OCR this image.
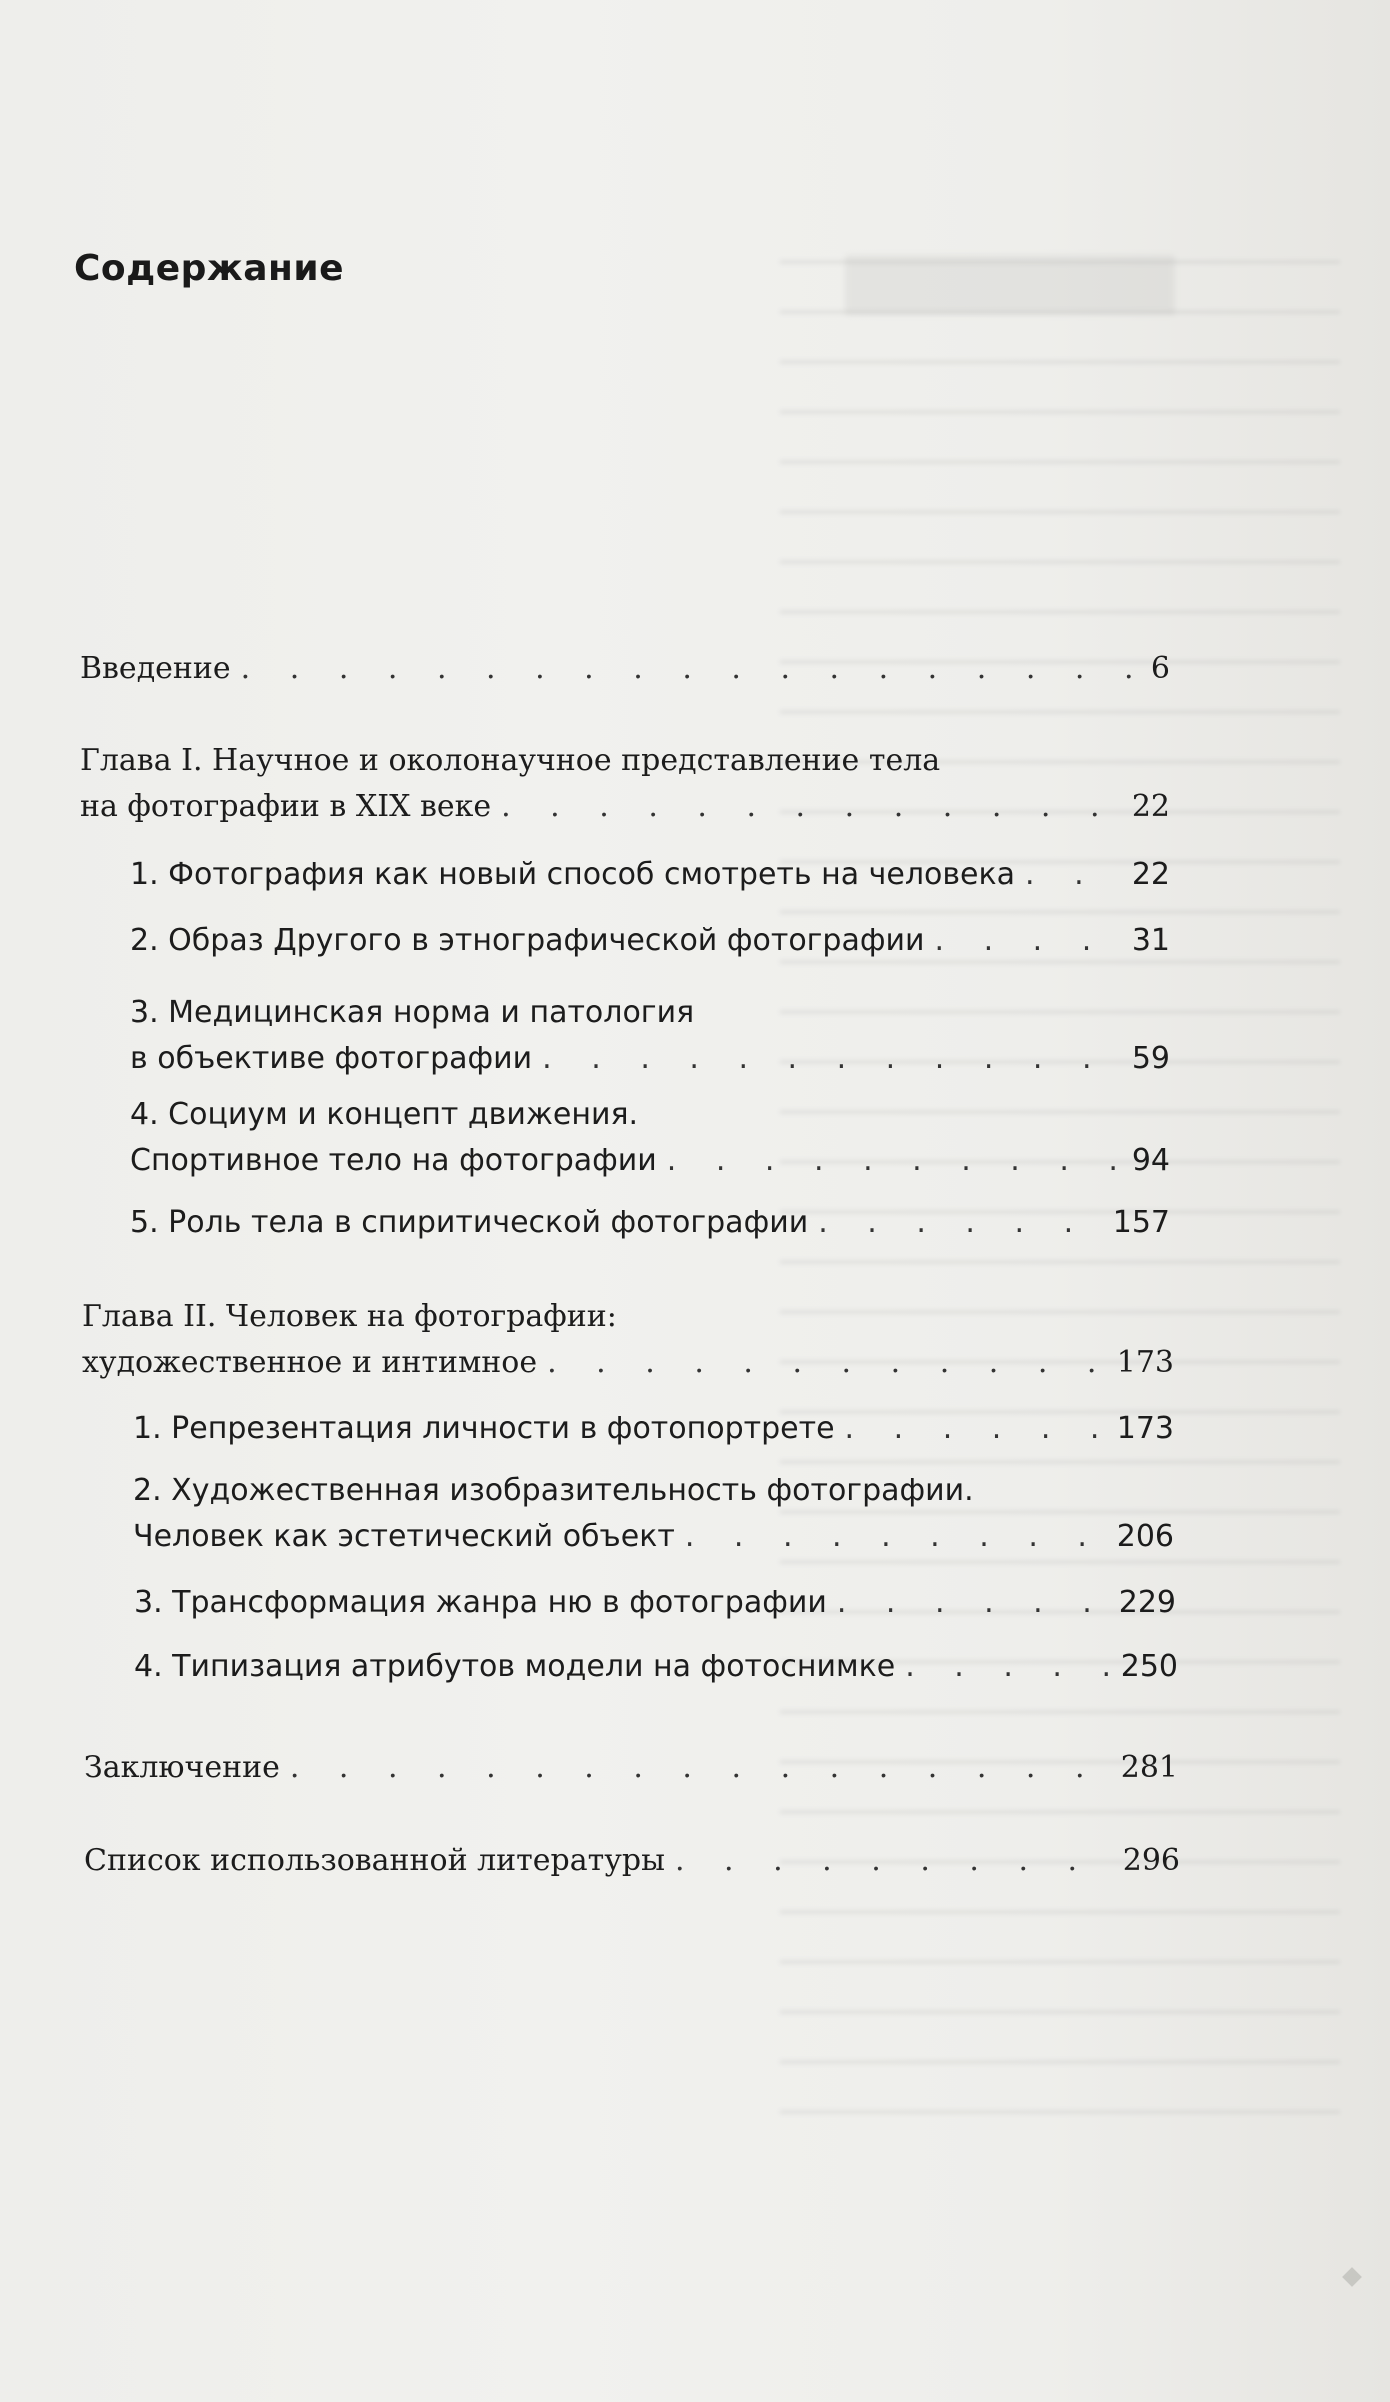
Содержание
Введение . . .	6
Глава I. Научное и околонаучное представление тела
на фотографии в XIX веке . . .	22
1. Фотография как новый способ смотреть на человека . . .	22
2. Образ Другого в этнографической фотографии . . .	31
3. Медицинская норма и патология
в объективе фотографии . . .	59
4. Социум и концепт движения.
Спортивное тело на фотографии . . .	94
5. Роль тела в спиритической фотографии . . .	157
Глава II. Человек на фотографии:
художественное и интимное . . .	173
1. Репрезентация личности в фотопортрете . . .	173
2. Художественная изобразительность фотографии.
Человек как эстетический объект . . .	206
3. Трансформация жанра ню в фотографии . . .	229
4. Типизация атрибутов модели на фотоснимке . . .	250
Заключение . . .	281
Список использованной литературы . . .	296
